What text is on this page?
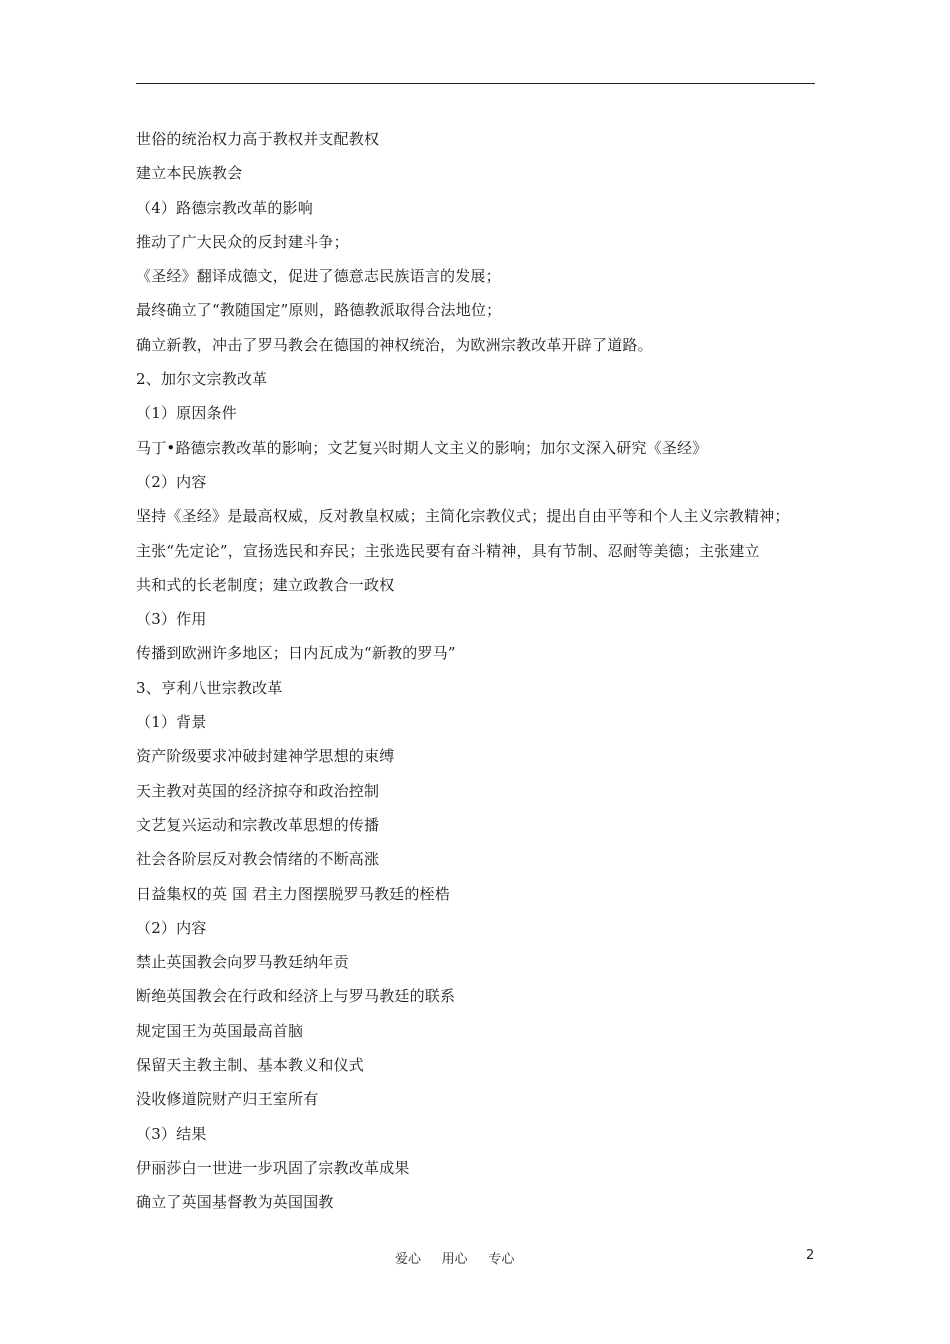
世俗的统治权力高于教权并支配教权
建立本民族教会
（4）路德宗教改革的影响
推动了广大民众的反封建斗争；
《圣经》翻译成德文，促进了德意志民族语言的发展；
最终确立了“教随国定”原则，路德教派取得合法地位；
确立新教，冲击了罗马教会在德国的神权统治，为欧洲宗教改革开辟了道路。
2、加尔文宗教改革
（1）原因条件
马丁•路德宗教改革的影响；文艺复兴时期人文主义的影响；加尔文深入研究《圣经》
（2）内容
坚持《圣经》是最高权威，反对教皇权威；主简化宗教仪式；提出自由平等和个人主义宗教精神；
主张“先定论”，宣扬选民和弃民；主张选民要有奋斗精神，具有节制、忍耐等美德；主张建立
共和式的长老制度；建立政教合一政权
（3）作用
传播到欧洲许多地区；日内瓦成为“新教的罗马”
3、亨利八世宗教改革
（1）背景
资产阶级要求冲破封建神学思想的束缚
天主教对英国的经济掠夺和政治控制
文艺复兴运动和宗教改革思想的传播
社会各阶层反对教会情绪的不断高涨
日益集权的英 国 君主力图摆脱罗马教廷的桎梏
（2）内容
禁止英国教会向罗马教廷纳年贡
断绝英国教会在行政和经济上与罗马教廷的联系
规定国王为英国最高首脑
保留天主教主制、基本教义和仪式
没收修道院财产归王室所有
（3）结果
伊丽莎白一世进一步巩固了宗教改革成果
确立了英国基督教为英国国教
爱心     用心     专心	2
